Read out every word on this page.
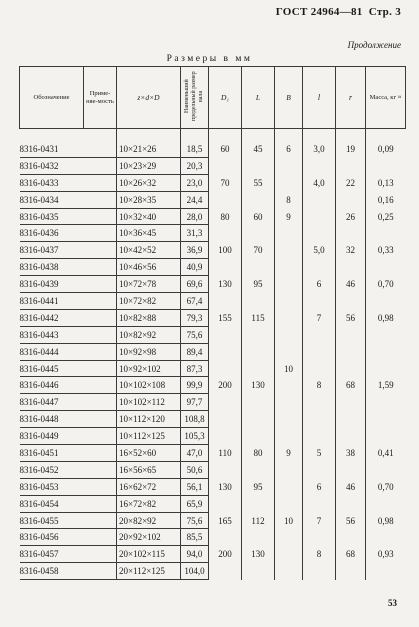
ГОСТ 24964—81 Стр. 3
Продолжение
Размеры в мм
Обозначение	Приме-няе-мость	z×d×D	Наименьший предельный размер вала	D₁	L	B	l	r	Масса, кг ≈

8316-0431		10×21×26	18,5	60	45	6	3,0	19	0,09
8316-0432		10×23×29	20,3						
8316-0433		10×26×32	23,0	70	55		4,0	22	0,13
8316-0434		10×28×35	24,4			8			0,16
8316-0435		10×32×40	28,0	80	60	9		26	0,25
8316-0436		10×36×45	31,3						
8316-0437		10×42×52	36,9	100	70		5,0	32	0,33
8316-0438		10×46×56	40,9						
8316-0439		10×72×78	69,6	130	95		6	46	0,70
8316-0441		10×72×82	67,4						
8316-0442		10×82×88	79,3	155	115		7	56	0,98
8316-0443		10×82×92	75,6						
8316-0444		10×92×98	89,4						
8316-0445		10×92×102	87,3			10			
8316-0446		10×102×108	99,9	200	130		8	68	1,59
8316-0447		10×102×112	97,7						
8316-0448		10×112×120	108,8						
8316-0449		10×112×125	105,3						
8316-0451		16×52×60	47,0	110	80	9	5	38	0,41
8316-0452		16×56×65	50,6						
8316-0453		16×62×72	56,1	130	95		6	46	0,70
8316-0454		16×72×82	65,9						
8316-0455		20×82×92	75,6	165	112	10	7	56	0,98
8316-0456		20×92×102	85,5						
8316-0457		20×102×115	94,0	200	130		8	68	0,93
8316-0458		20×112×125	104,0						
53
